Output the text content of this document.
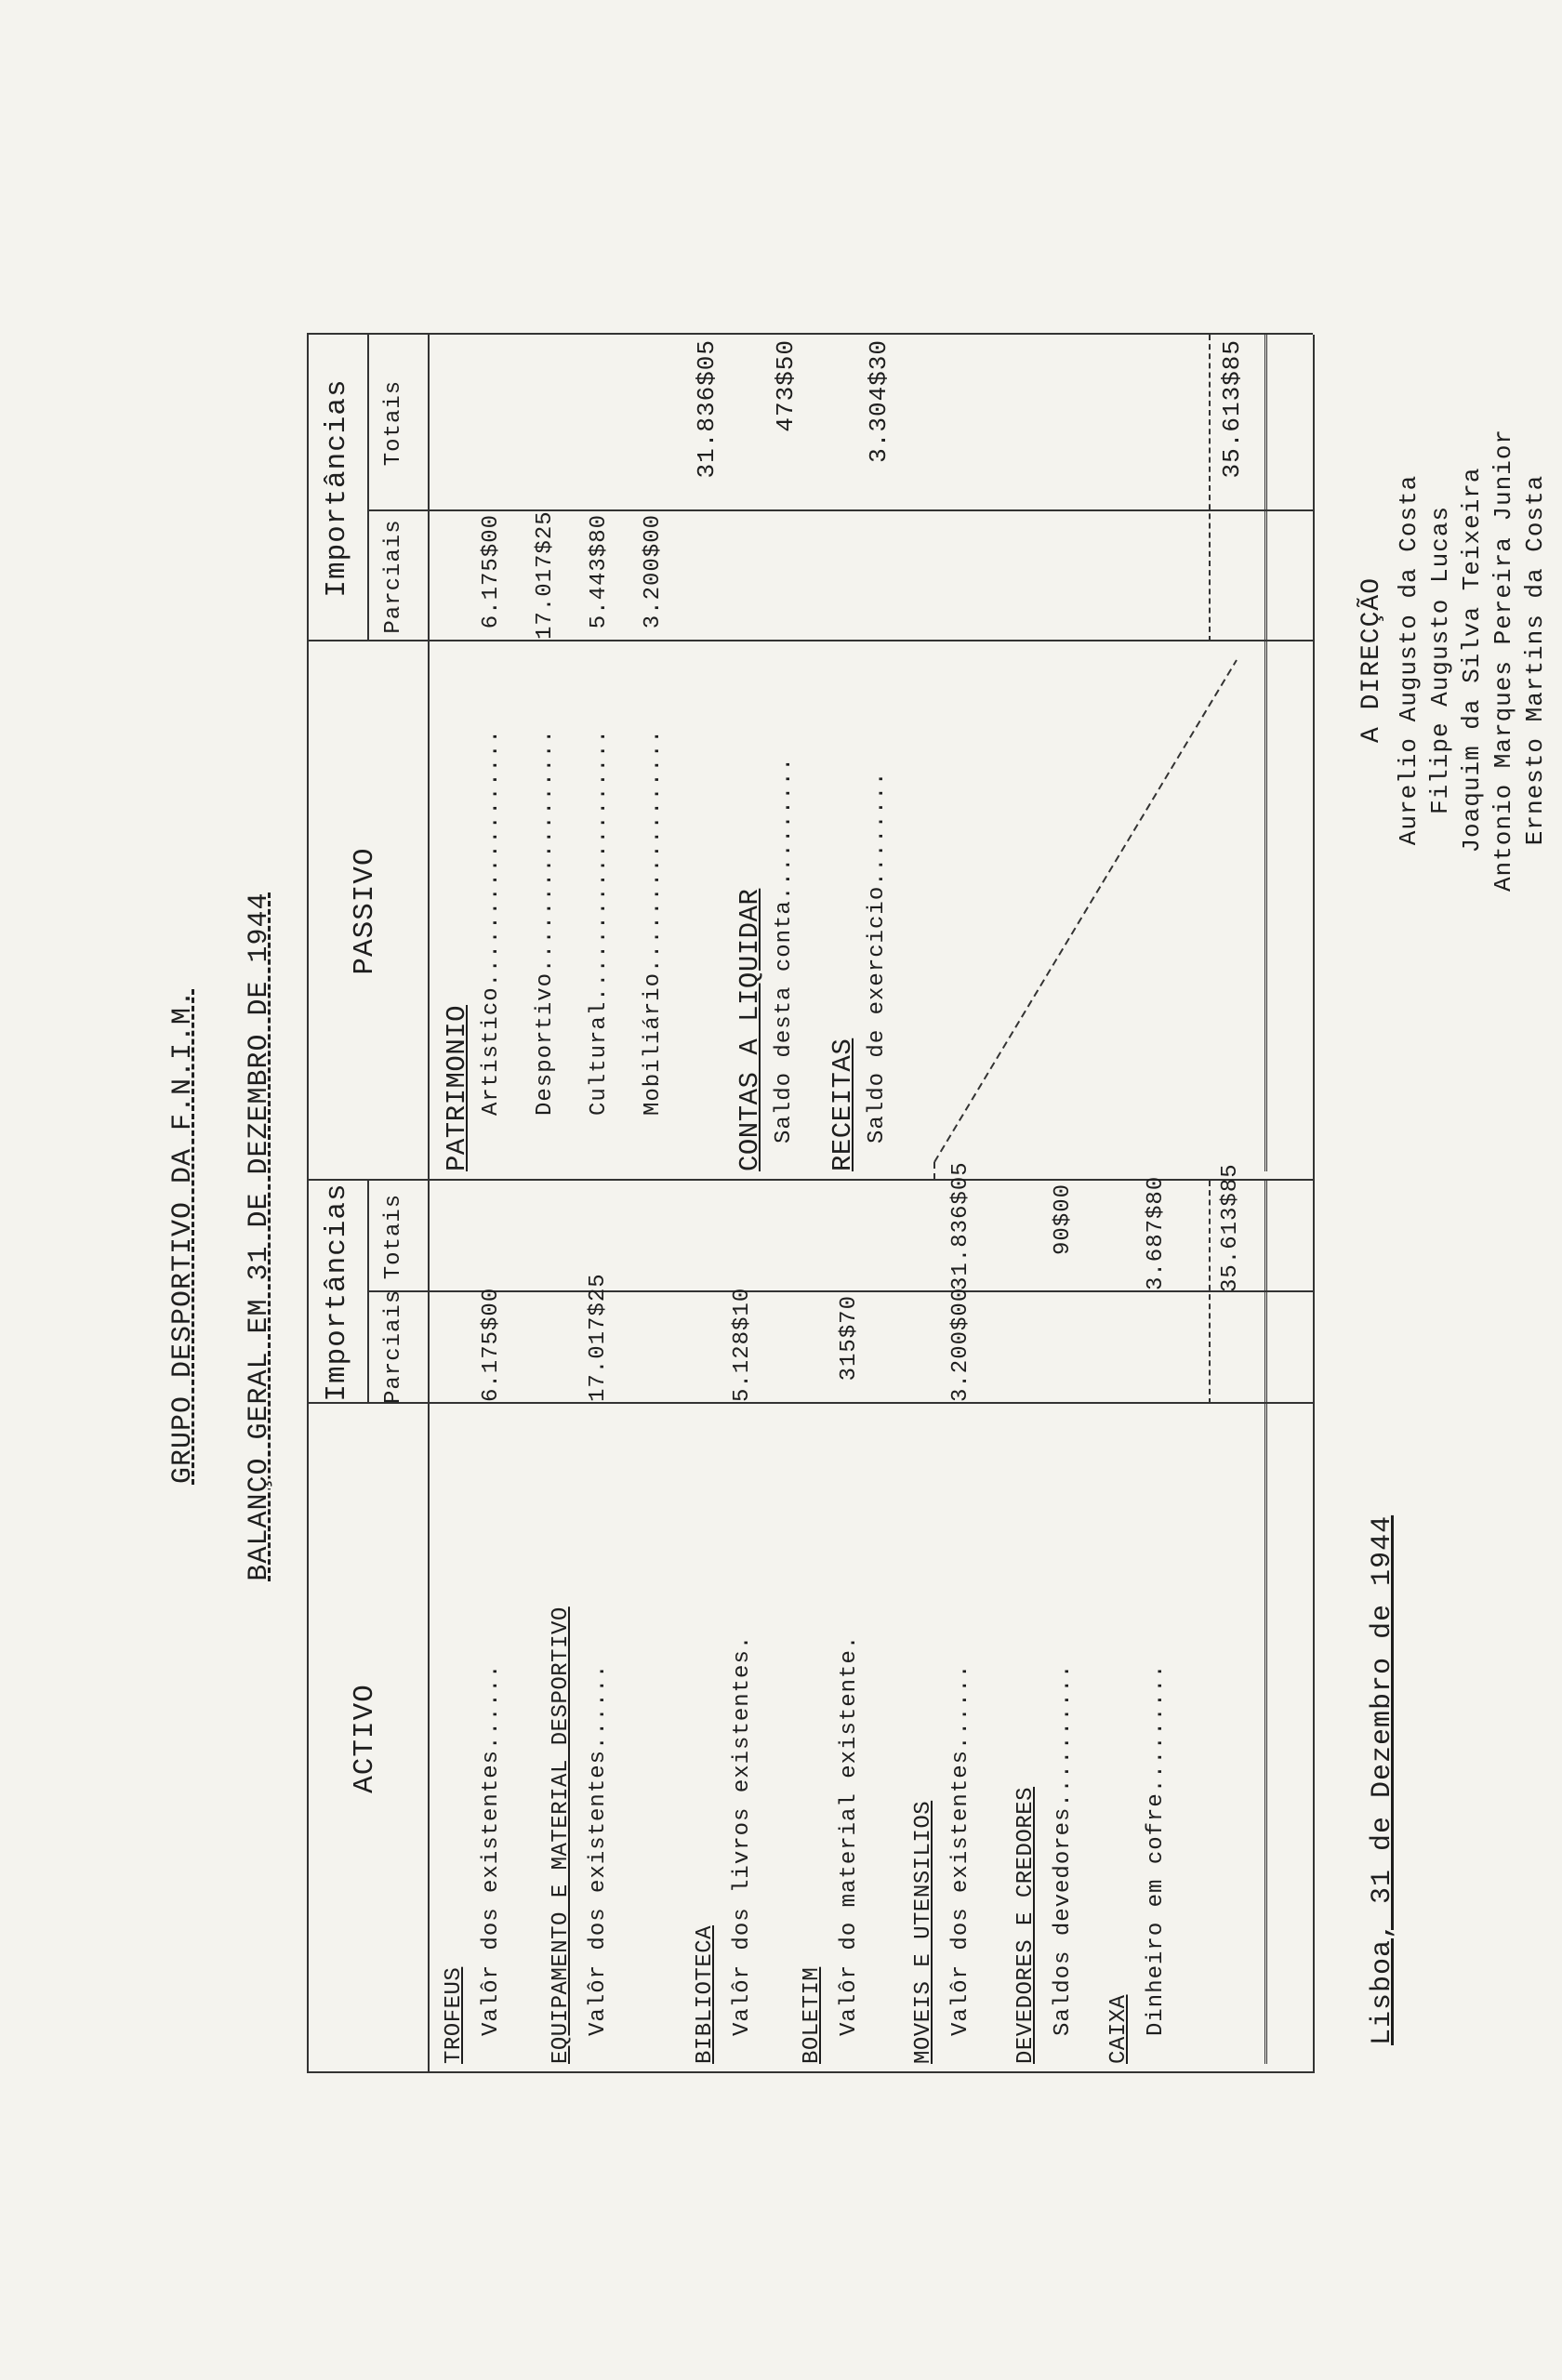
GRUPO DESPORTIVO DA F.N.I.M. BALANÇO GERAL EM 31 DE DEZEMBRO DE 1944
ACTIVO
Importâncias Parciais
Totais
PASSIVO
Importâncias Parciais
Totais
TROFEUS Valôr dos existentes......
6.175$00
EQUIPAMENTO E MATERIAL DESPORTIVO Valôr dos existentes......
17.017$25
BIBLIOTECA Valôr dos livros existentes.
5.128$10
BOLETIM Valôr do material existente.
315$70
MOVEIS E UTENSILIOS Valôr dos existentes......
3.200$00
31.836$05
DEVEDORES E CREDORES Saldos devedores..........
90$00
CAIXA Dinheiro em cofre.........
3.687$80 35.613$85
PATRIMONIO Artistico..................
6.175$00
Desportivo.................
17.017$25
Cultural...................
5.443$80
Mobiliário.................
3.200$00
31.836$05
CONTAS A LIQUIDAR Saldo desta conta..........
473$50
RECEITAS Saldo de exercicio........
3.304$30	35.613$85
Lisboa, 31 de Dezembro de 1944
A DIRECÇÃO Aurelio Augusto da Costa Filipe Augusto Lucas Joaquim da Silva Teixeira Antonio Marques Pereira Junior Ernesto Martins da Costa
